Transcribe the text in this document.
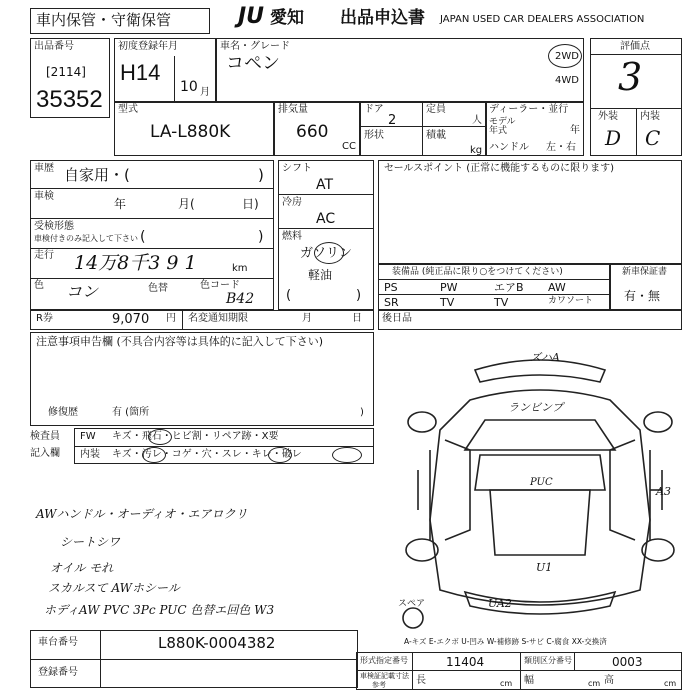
車内保管・守衛保管	JU 愛知 出品申込書 JAPAN USED CAR DEALERS ASSOCIATION
出品番号
[2114]
35352
初度登録年月
H14
10 月
車名・グレード
コペン	2WD
4WD
評価点
3
外装 内装
D C
型式
LA-L880K
排気量
660
CC
ドア
2
定員
人
形状	積載
kg
ディーラー・並行
モデル年式	年
ハンドル 左・右
車歴 自家用・(	)
車検
年	月(	日)
受検形態
車検付きのみ記入して下さい (	)
走行 14万8千3 9 1	km
色 コン	色替	色コード
B42
シフト
AT
冷房
AC
燃料
ガソリン
軽油
(	)
セールスポイント (正常に機能するものに限ります)
装備品 (純正品に限り○をつけてください)
PS	PW	エアB AW
SR	TV	TV	カワソート
新車保証書
有・無
R券	9,070 円 名変通知期限	月	日 後日品
注意事項申告欄 (不具合内容等は具体的に記入して下さい)
修復歴	有 (箇所	)
検査員
記入欄
FW キズ・飛石・ヒビ割・リペア跡・X要
内装 キズ・汚レ・コゲ・穴・スレ・キレ・破レ
AWハンドル・オーディオ・エアロクリ
シートシワ
オイル モれ
スカルスて AWホシール
ホディAW PVC 3Pc PUC 色替エ回色 W3
ズハA
ランビンプ
PUC
A3
U1
UA2
スペア
A-キズ E-エクボ U-凹み W-補修跡 S-サビ C-腐食 XX-交換済
車台番号	L880K-0004382
登録番号
形式指定番号	11404	類別区分番号	0003
車検証記載寸法
参考	長	cm 幅	cm 高	cm
